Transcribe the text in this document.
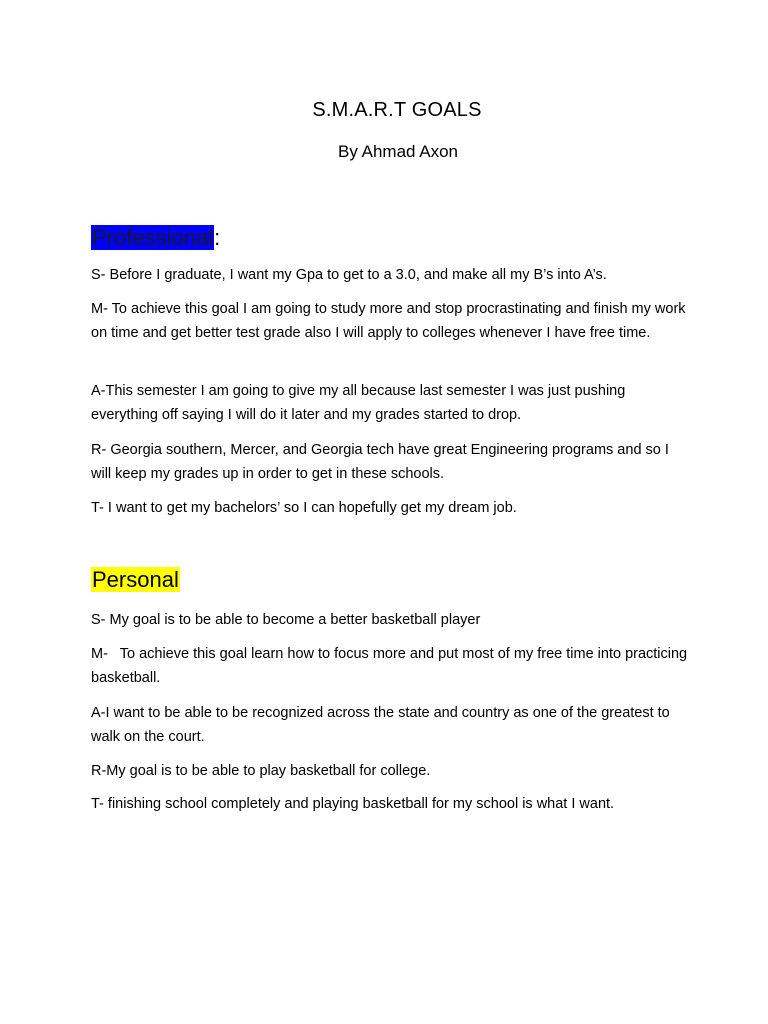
S.M.A.R.T GOALS
By Ahmad Axon
Professional:
S- Before I graduate, I want my Gpa to get to a 3.0, and make all my B’s into A’s.
M- To achieve this goal I am going to study more and stop procrastinating and finish my work on time and get better test grade also I will apply to colleges whenever I have free time.
A-This semester I am going to give my all because last semester I was just pushing everything off saying I will do it later and my grades started to drop.
R- Georgia southern, Mercer, and Georgia tech have great Engineering programs and so I will keep my grades up in order to get in these schools.
T- I want to get my bachelors’ so I can hopefully get my dream job.
Personal
S- My goal is to be able to become a better basketball player
M-   To achieve this goal learn how to focus more and put most of my free time into practicing basketball.
A-I want to be able to be recognized across the state and country as one of the greatest to walk on the court.
R-My goal is to be able to play basketball for college.
T- finishing school completely and playing basketball for my school is what I want.
